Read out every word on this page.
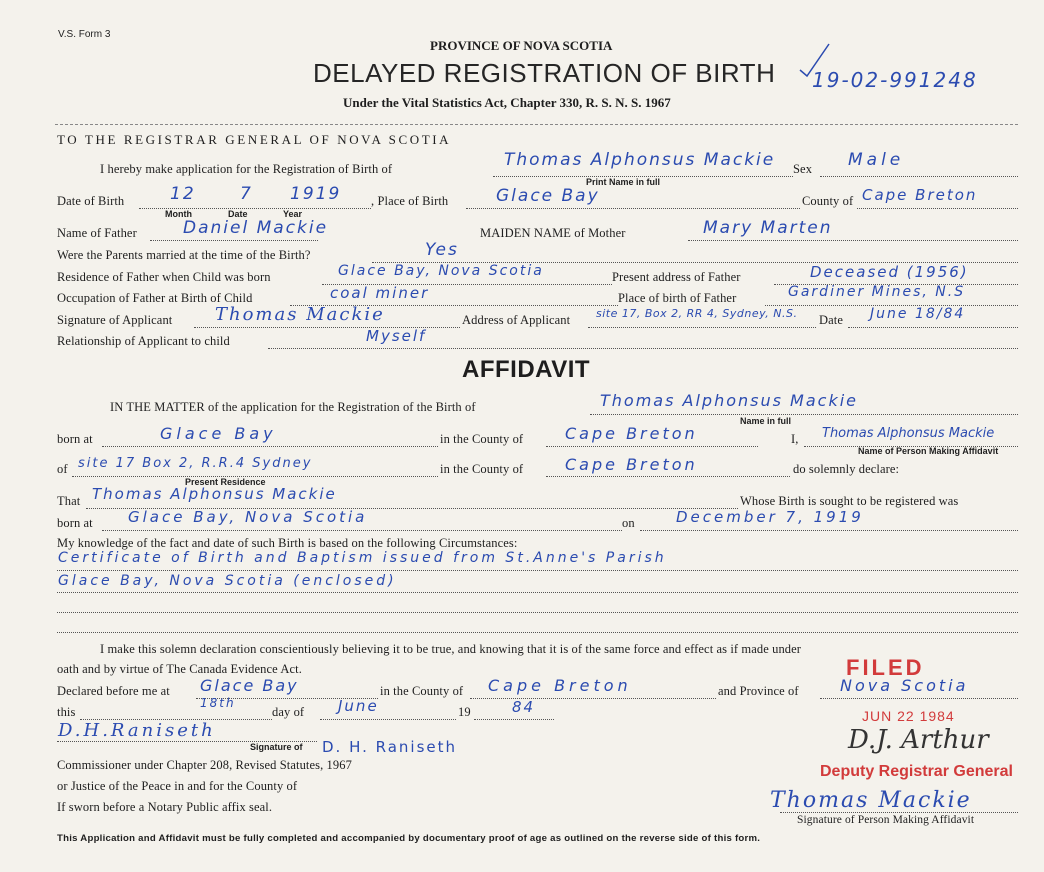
V.S. Form 3
PROVINCE OF NOVA SCOTIA
DELAYED REGISTRATION OF BIRTH 19-02-991248
Under the Vital Statistics Act, Chapter 330, R. S. N. S. 1967
TO THE REGISTRAR GENERAL OF NOVA SCOTIA
I hereby make application for the Registration of Birth of	Thomas Alphonsus Mackie Sex Male
Print Name in full
Date of Birth	12	7 1919
Month	Date	Year
, Place of Birth	Glace Bay	County of Cape Breton
Name of Father	Daniel Mackie	MAIDEN NAME of Mother	Mary Marten
Were the Parents married at the time of the Birth?	Yes
Residence of Father when Child was born	Glace Bay, Nova Scotia	Present address of Father	Deceased (1956)
Occupation of Father at Birth of Child	coal miner	Place of birth of Father	Gardiner Mines, N.S
Signature of Applicant Thomas Mackie	Address of Applicant site 17, Box 2, RR 4, Sydney, N.S. Date June 18/84
Relationship of Applicant to child	Myself
AFFIDAVIT
IN THE MATTER of the application for the Registration of the Birth of	Thomas Alphonsus Mackie
Name in full
born at	Glace Bay	in the County of	Cape Breton	I, Thomas Alphonsus Mackie
Name of Person Making Affidavit
of site 17 Box 2, R.R.4 Sydney
Present Residence
in the County of	Cape Breton	do solemnly declare:
That Thomas Alphonsus Mackie	Whose Birth is sought to be registered was
born at Glace Bay, Nova Scotia	on	December 7, 1919
My knowledge of the fact and date of such Birth is based on the following Circumstances:
Certificate of Birth and Baptism issued from St.Anne's Parish
Glace Bay, Nova Scotia (enclosed)
I make this solemn declaration conscientiously believing it to be true, and knowing that it is of the same force and effect as if made under
oath and by virtue of The Canada Evidence Act.
Declared before me at Glace Bay	in the County of Cape Breton	and Province of	Nova Scotia
this
18th
day of June	19	84
D.H.Raniseth
Signature of D. H. Raniseth
Commissioner under Chapter 208, Revised Statutes, 1967
or Justice of the Peace in and for the County of
If sworn before a Notary Public affix seal.	Thomas Mackie
Signature of Person Making Affidavit
FILED
JUN 22 1984
D.J. Arthur
Deputy Registrar General
This Application and Affidavit must be fully completed and accompanied by documentary proof of age as outlined on the reverse side of this form.
